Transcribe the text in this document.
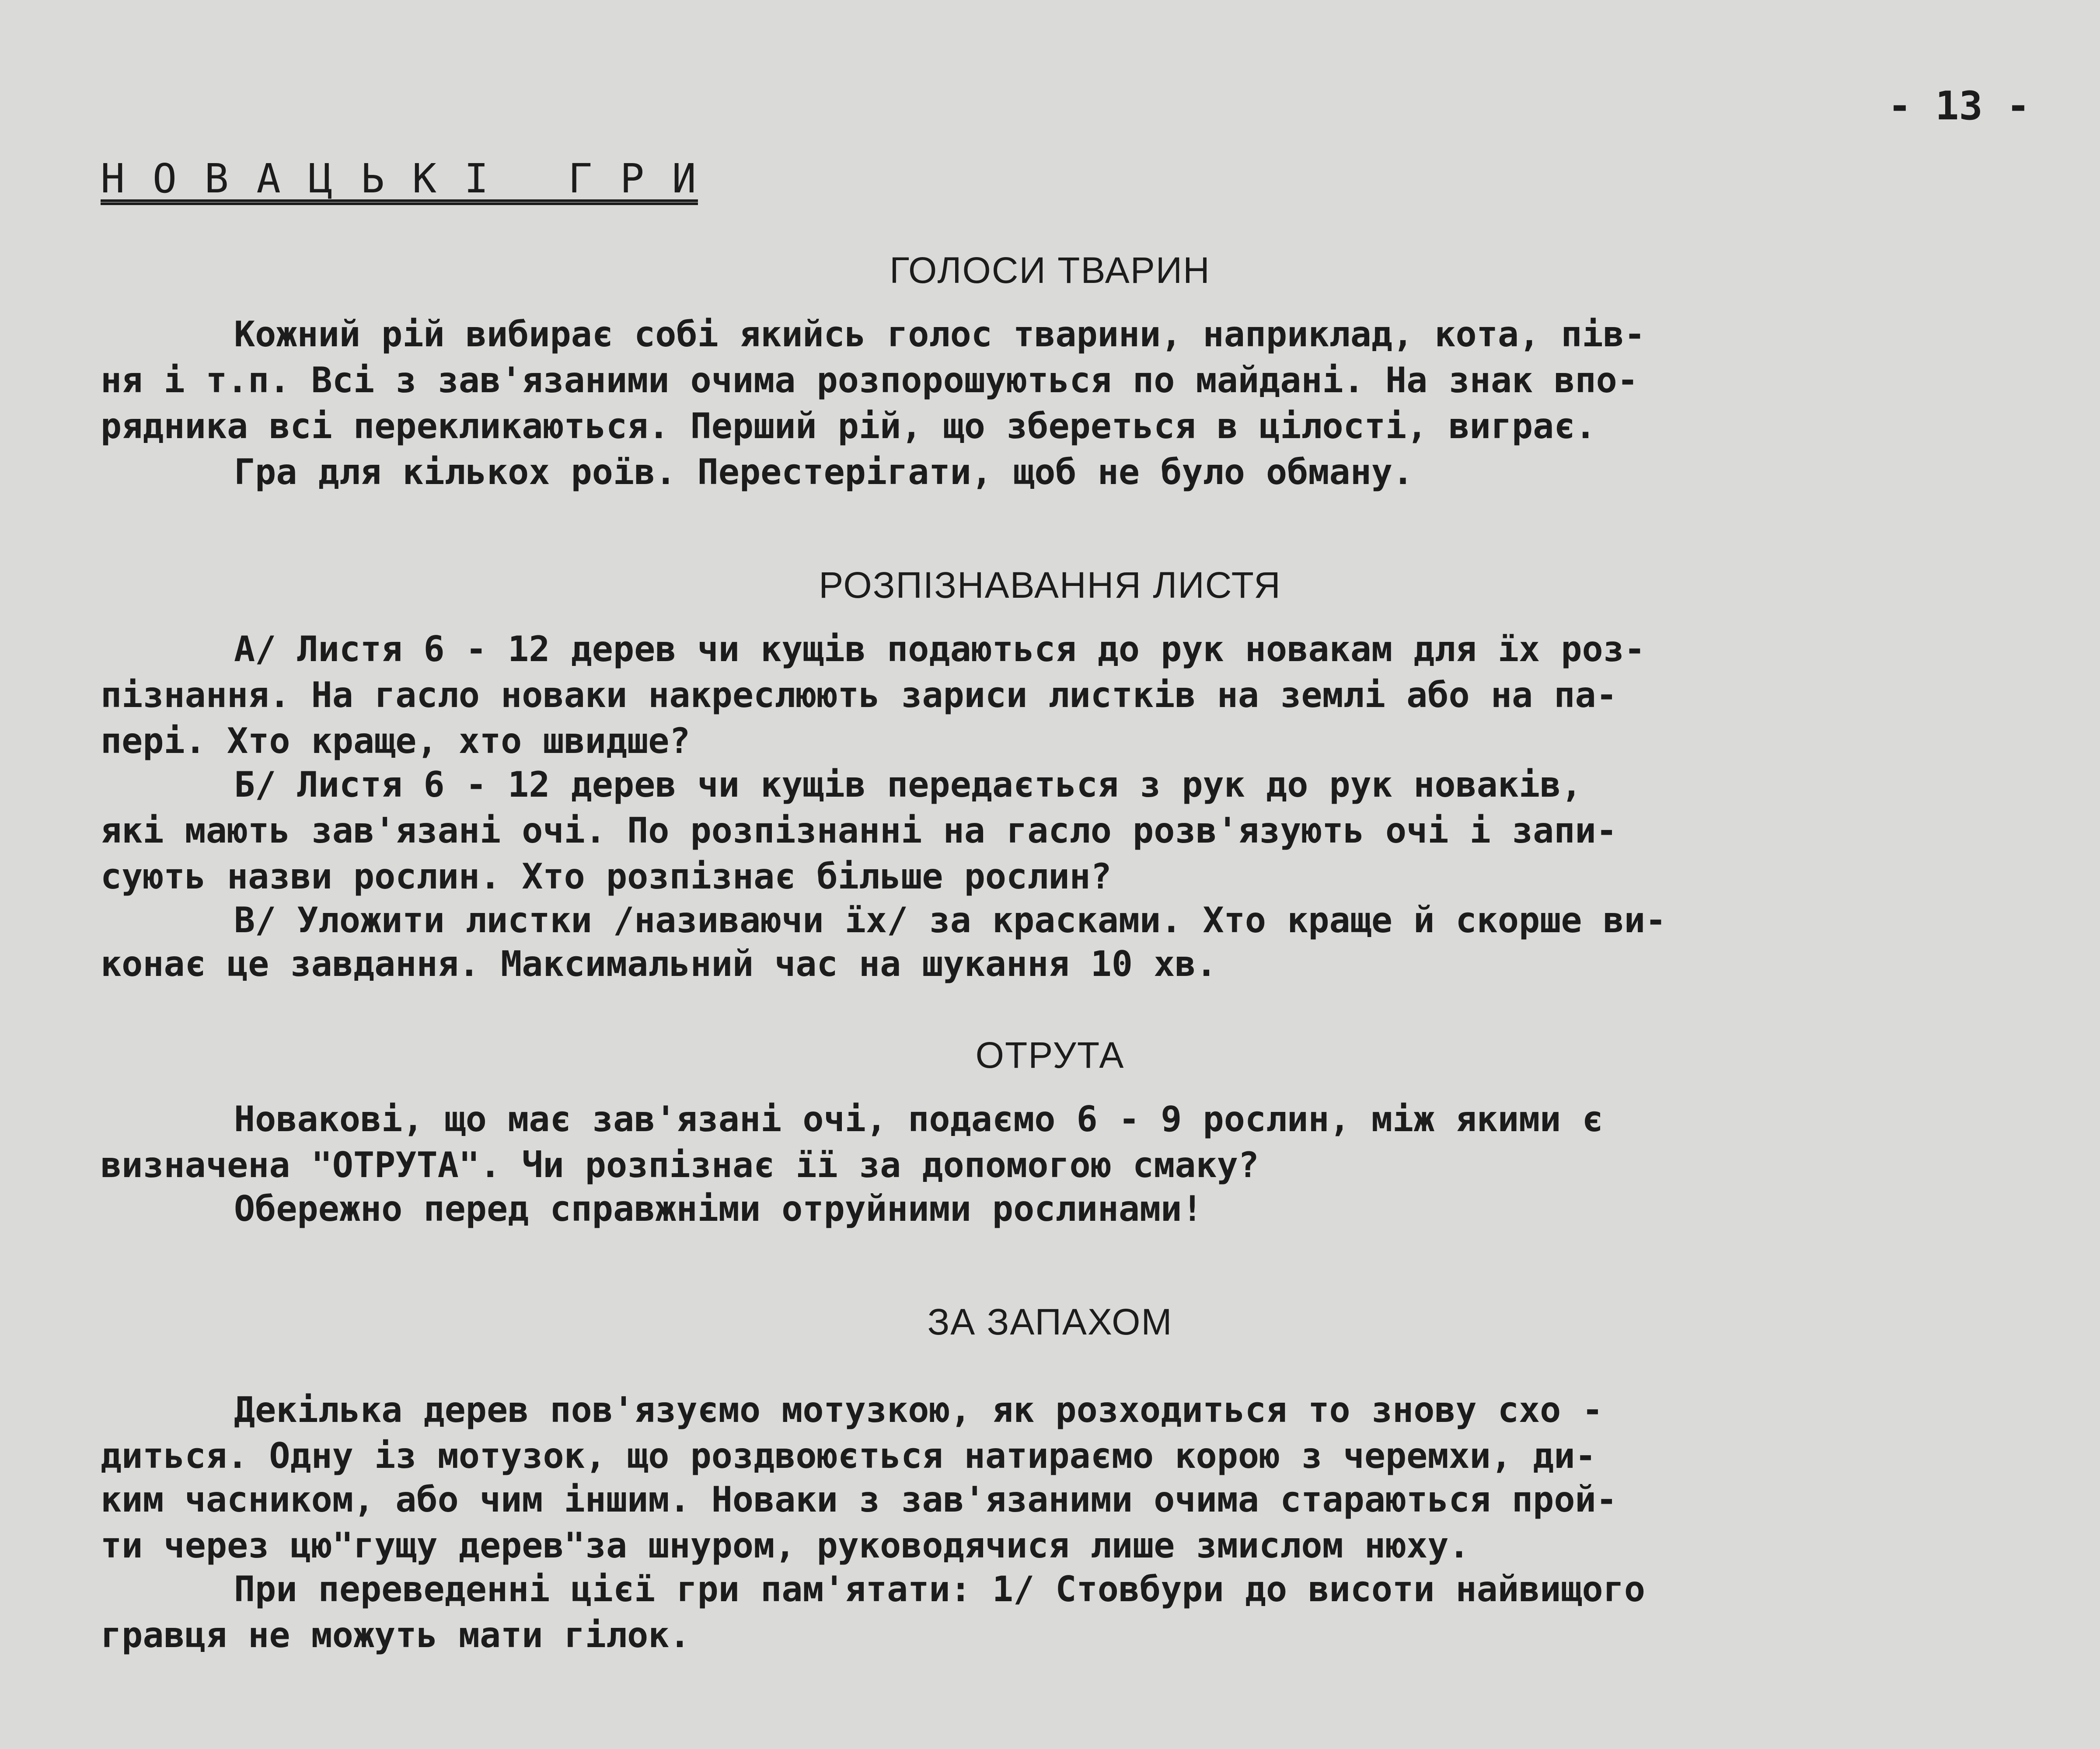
- 13 -
Н О В А Ц Ь К І   Г Р И
ГОЛОСИ ТВАРИН
Кожний рій вибирає собі якийсь голос тварини, наприклад, кота, пів-
ня і т.п. Всі з зав'язаними очима розпорошуються по майдані. На знак впо-
рядника всі перекликаються. Перший рій, що збереться в цілості, виграє.
Гра для кількох роїв. Перестерігати, щоб не було обману.
РОЗПІЗНАВАННЯ ЛИСТЯ
А/ Листя 6 - 12 дерев чи кущів подаються до рук новакам для їх роз-
пізнання. На гасло новаки накреслюють зариси листків на землі або на па-
пері. Хто краще, хто швидше?
Б/ Листя 6 - 12 дерев чи кущів передається з рук до рук новаків,
які мають зав'язані очі. По розпізнанні на гасло розв'язують очі і запи-
сують назви рослин. Хто розпізнає більше рослин?
В/ Уложити листки /називаючи їх/ за красками. Хто краще й скорше ви-
конає це завдання. Максимальний час на шукання 10 хв.
ОТРУТА
Новакові, що має зав'язані очі, подаємо 6 - 9 рослин, між якими є
визначена "ОТРУТА". Чи розпізнає її за допомогою смаку?
Обережно перед справжніми отруйними рослинами!
ЗА ЗАПАХОМ
Декілька дерев пов'язуємо мотузкою, як розходиться то знову схо -
диться. Одну із мотузок, що роздвоюється натираємо корою з черемхи, ди-
ким часником, або чим іншим. Новаки з зав'язаними очима стараються прой-
ти через цю"гущу дерев"за шнуром, руководячися лише змислом нюху.
При переведенні цієї гри пам'ятати: 1/ Стовбури до висоти найвищого
гравця не можуть мати гілок.
